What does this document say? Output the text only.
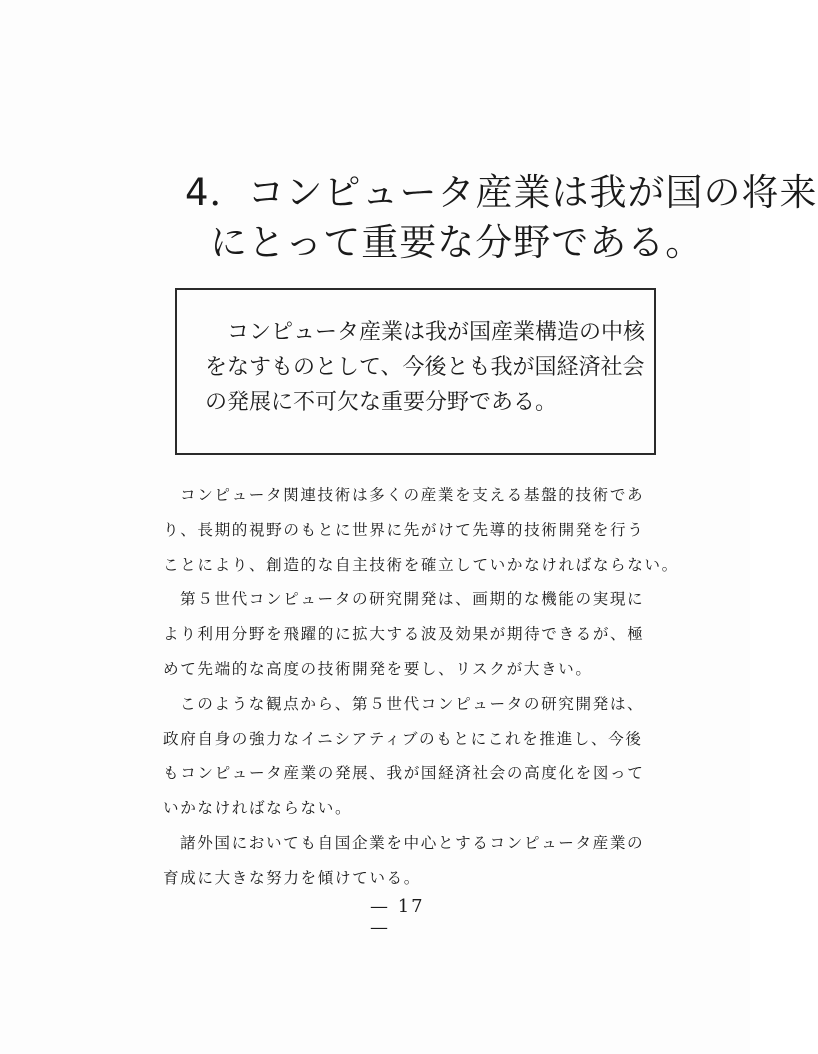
4．コンピュータ産業は我が国の将来
にとって重要な分野である。

コンピュータ産業は我が国産業構造の中核
をなすものとして、今後とも我が国経済社会
の発展に不可欠な重要分野である。

コンピュータ関連技術は多くの産業を支える基盤的技術であ
り、長期的視野のもとに世界に先がけて先導的技術開発を行う
ことにより、創造的な自主技術を確立していかなければならない。
第５世代コンピュータの研究開発は、画期的な機能の実現に
より利用分野を飛躍的に拡大する波及効果が期待できるが、極
めて先端的な高度の技術開発を要し、リスクが大きい。
このような観点から、第５世代コンピュータの研究開発は、
政府自身の強力なイニシアティブのもとにこれを推進し、今後
もコンピュータ産業の発展、我が国経済社会の高度化を図って
いかなければならない。
諸外国においても自国企業を中心とするコンピュータ産業の
育成に大きな努力を傾けている。

— 17 —
